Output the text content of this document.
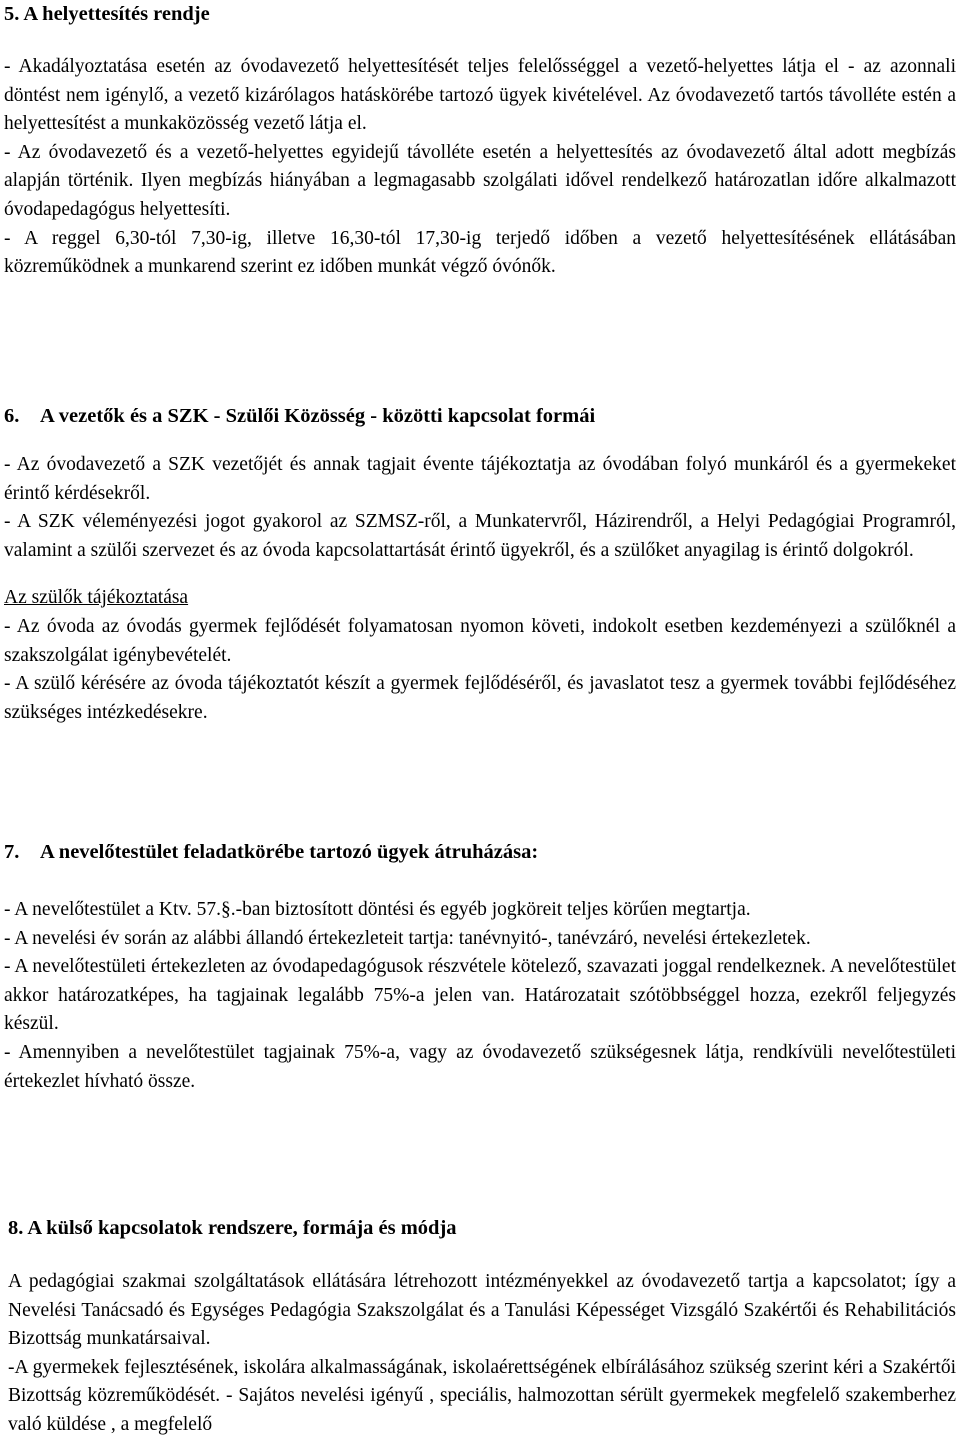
5. A helyettesítés rendje

- Akadályoztatása esetén az óvodavezető helyettesítését teljes felelősséggel a vezető-helyettes látja el - az azonnali döntést nem igénylő, a vezető kizárólagos hatáskörébe tartozó ügyek kivételével. Az óvodavezető tartós távolléte estén a helyettesítést a munkaközösség vezető látja el.

- Az óvodavezető és a vezető-helyettes egyidejű távolléte esetén a helyettesítés az óvodavezető által adott megbízás alapján történik. Ilyen megbízás hiányában a legmagasabb szolgálati idővel rendelkező határozatlan időre alkalmazott óvodapedagógus helyettesíti.

- A reggel 6,30-tól 7,30-ig, illetve 16,30-tól 17,30-ig terjedő időben a vezető helyettesítésének ellátásában közreműködnek a munkarend szerint ez időben munkát végző óvónők.

6. A vezetők és a SZK - Szülői Közösség - közötti kapcsolat formái

- Az óvodavezető a SZK vezetőjét és annak tagjait évente tájékoztatja az óvodában folyó munkáról és a gyermekeket érintő kérdésekről.

- A SZK véleményezési jogot gyakorol az SZMSZ-ről, a Munkatervről, Házirendről, a Helyi Pedagógiai Programról, valamint a szülői szervezet és az óvoda kapcsolattartását érintő ügyekről, és a szülőket anyagilag is érintő dolgokról.

Az szülők tájékoztatása

- Az óvoda az óvodás gyermek fejlődését folyamatosan nyomon követi, indokolt esetben kezdeményezi a szülőknél a szakszolgálat igénybevételét.

- A szülő kérésére az óvoda tájékoztatót készít a gyermek fejlődéséről, és javaslatot tesz a gyermek további fejlődéséhez szükséges intézkedésekre.

7. A nevelőtestület feladatkörébe tartozó ügyek átruházása:

- A nevelőtestület a Ktv. 57.§.-ban biztosított döntési és egyéb jogköreit teljes körűen megtartja.

- A nevelési év során az alábbi állandó értekezleteit tartja: tanévnyitó-, tanévzáró, nevelési értekezletek.

- A nevelőtestületi értekezleten az óvodapedagógusok részvétele kötelező, szavazati joggal rendelkeznek. A nevelőtestület akkor határozatképes, ha tagjainak legalább 75%-a jelen van. Határozatait szótöbbséggel hozza, ezekről feljegyzés készül.

- Amennyiben a nevelőtestület tagjainak 75%-a, vagy az óvodavezető szükségesnek látja, rendkívüli nevelőtestületi értekezlet hívható össze.

8. A külső kapcsolatok rendszere, formája és módja

A pedagógiai szakmai szolgáltatások ellátására létrehozott intézményekkel az óvodavezető tartja a kapcsolatot; így a Nevelési Tanácsadó és Egységes Pedagógia Szakszolgálat és a Tanulási Képességet Vizsgáló Szakértői és Rehabilitációs Bizottság munkatársaival.

-A gyermekek fejlesztésének, iskolára alkalmasságának, iskolaérettségének elbírálásához szükség szerint kéri a Szakértői Bizottság közreműködését. - Sajátos nevelési igényű , speciális, halmozottan sérült gyermekek megfelelő szakemberhez való küldése , a megfelelő
